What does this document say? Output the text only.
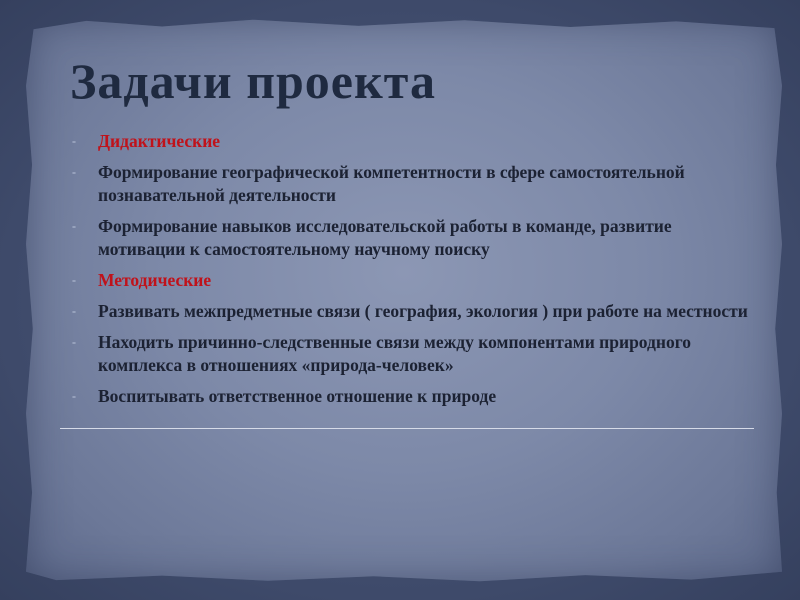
Задачи проекта
- Дидактические
- Формирование географической компетентности в сфере самостоятельной познавательной деятельности
- Формирование навыков исследовательской работы в команде, развитие мотивации к самостоятельному научному поиску
- Методические
- Развивать межпредметные связи ( география, экология ) при работе на местности
- Находить причинно-следственные связи между компонентами природного комплекса в отношениях «природа-человек»
- Воспитывать ответственное отношение к природе
